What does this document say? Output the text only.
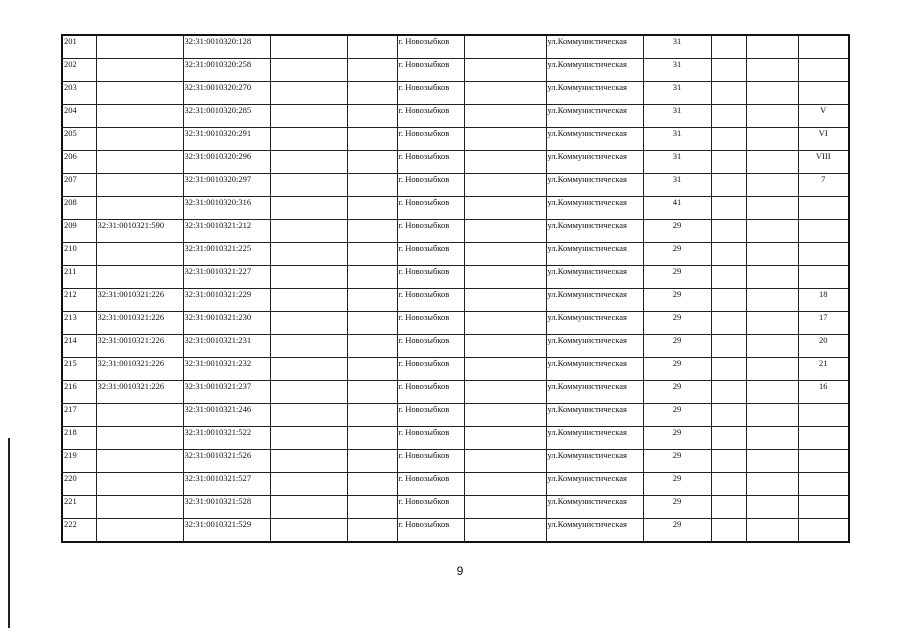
201		32:31:0010320:128			г. Новозыбков		ул.Коммунистическая	31			
202		32:31:0010320:258			г. Новозыбков		ул.Коммунистическая	31			
203		32:31:0010320:270			г. Новозыбков		ул.Коммунистическая	31			
204		32:31:0010320:285			г. Новозыбков		ул.Коммунистическая	31			V
205		32:31:0010320:291			г. Новозыбков		ул.Коммунистическая	31			VI
206		32:31:0010320:296			г. Новозыбков		ул.Коммунистическая	31			VIII
207		32:31:0010320:297			г. Новозыбков		ул.Коммунистическая	31			7
208		32:31:0010320:316			г. Новозыбков		ул.Коммунистическая	41			
209	32:31:0010321:590	32:31:0010321:212			г. Новозыбков		ул.Коммунистическая	29			
210		32:31:0010321:225			г. Новозыбков		ул.Коммунистическая	29			
211		32:31:0010321:227			г. Новозыбков		ул.Коммунистическая	29			
212	32:31:0010321:226	32:31:0010321:229			г. Новозыбков		ул.Коммунистическая	29			18
213	32:31:0010321:226	32:31:0010321:230			г. Новозыбков		ул.Коммунистическая	29			17
214	32:31:0010321:226	32:31:0010321:231			г. Новозыбков		ул.Коммунистическая	29			20
215	32:31:0010321:226	32:31:0010321:232			г. Новозыбков		ул.Коммунистическая	29			21
216	32:31:0010321:226	32:31:0010321:237			г. Новозыбков		ул.Коммунистическая	29			16
217		32:31:0010321:246			г. Новозыбков		ул.Коммунистическая	29			
218		32:31:0010321:522			г. Новозыбков		ул.Коммунистическая	29			
219		32:31:0010321:526			г. Новозыбков		ул.Коммунистическая	29			
220		32:31:0010321:527			г. Новозыбков		ул.Коммунистическая	29			
221		32:31:0010321:528			г. Новозыбков		ул.Коммунистическая	29			
222		32:31:0010321:529			г. Новозыбков		ул.Коммунистическая	29			
9
